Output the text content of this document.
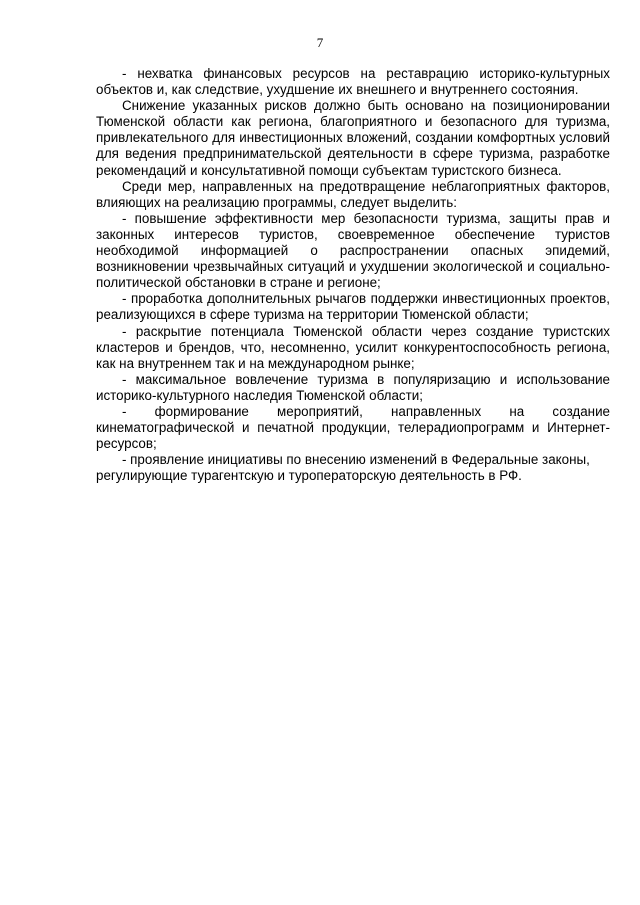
7

- нехватка финансовых ресурсов на реставрацию историко-культурных объектов и, как следствие, ухудшение их внешнего и внутреннего состояния.

Снижение указанных рисков должно быть основано на позиционировании Тюменской области как региона, благоприятного и безопасного для туризма, привлекательного для инвестиционных вложений, создании комфортных условий для ведения предпринимательской деятельности в сфере туризма, разработке рекомендаций и консультативной помощи субъектам туристского бизнеса.

Среди мер, направленных на предотвращение неблагоприятных факторов, влияющих на реализацию программы, следует выделить:

- повышение эффективности мер безопасности туризма, защиты прав и законных интересов туристов, своевременное обеспечение туристов необходимой информацией о распространении опасных эпидемий, возникновении чрезвычайных ситуаций и ухудшении экологической и социально-политической обстановки в стране и регионе;

- проработка дополнительных рычагов поддержки инвестиционных проектов, реализующихся в сфере туризма на территории Тюменской области;

- раскрытие потенциала Тюменской области через создание туристских кластеров и брендов, что, несомненно, усилит конкурентоспособность региона, как на внутреннем так и на международном рынке;

- максимальное вовлечение туризма в популяризацию и использование историко-культурного наследия Тюменской области;

- формирование мероприятий, направленных на создание кинематографической и печатной продукции, телерадиопрограмм и Интернет-ресурсов;

- проявление инициативы по внесению изменений в Федеральные законы, регулирующие турагентскую и туроператорскую деятельность в РФ.
